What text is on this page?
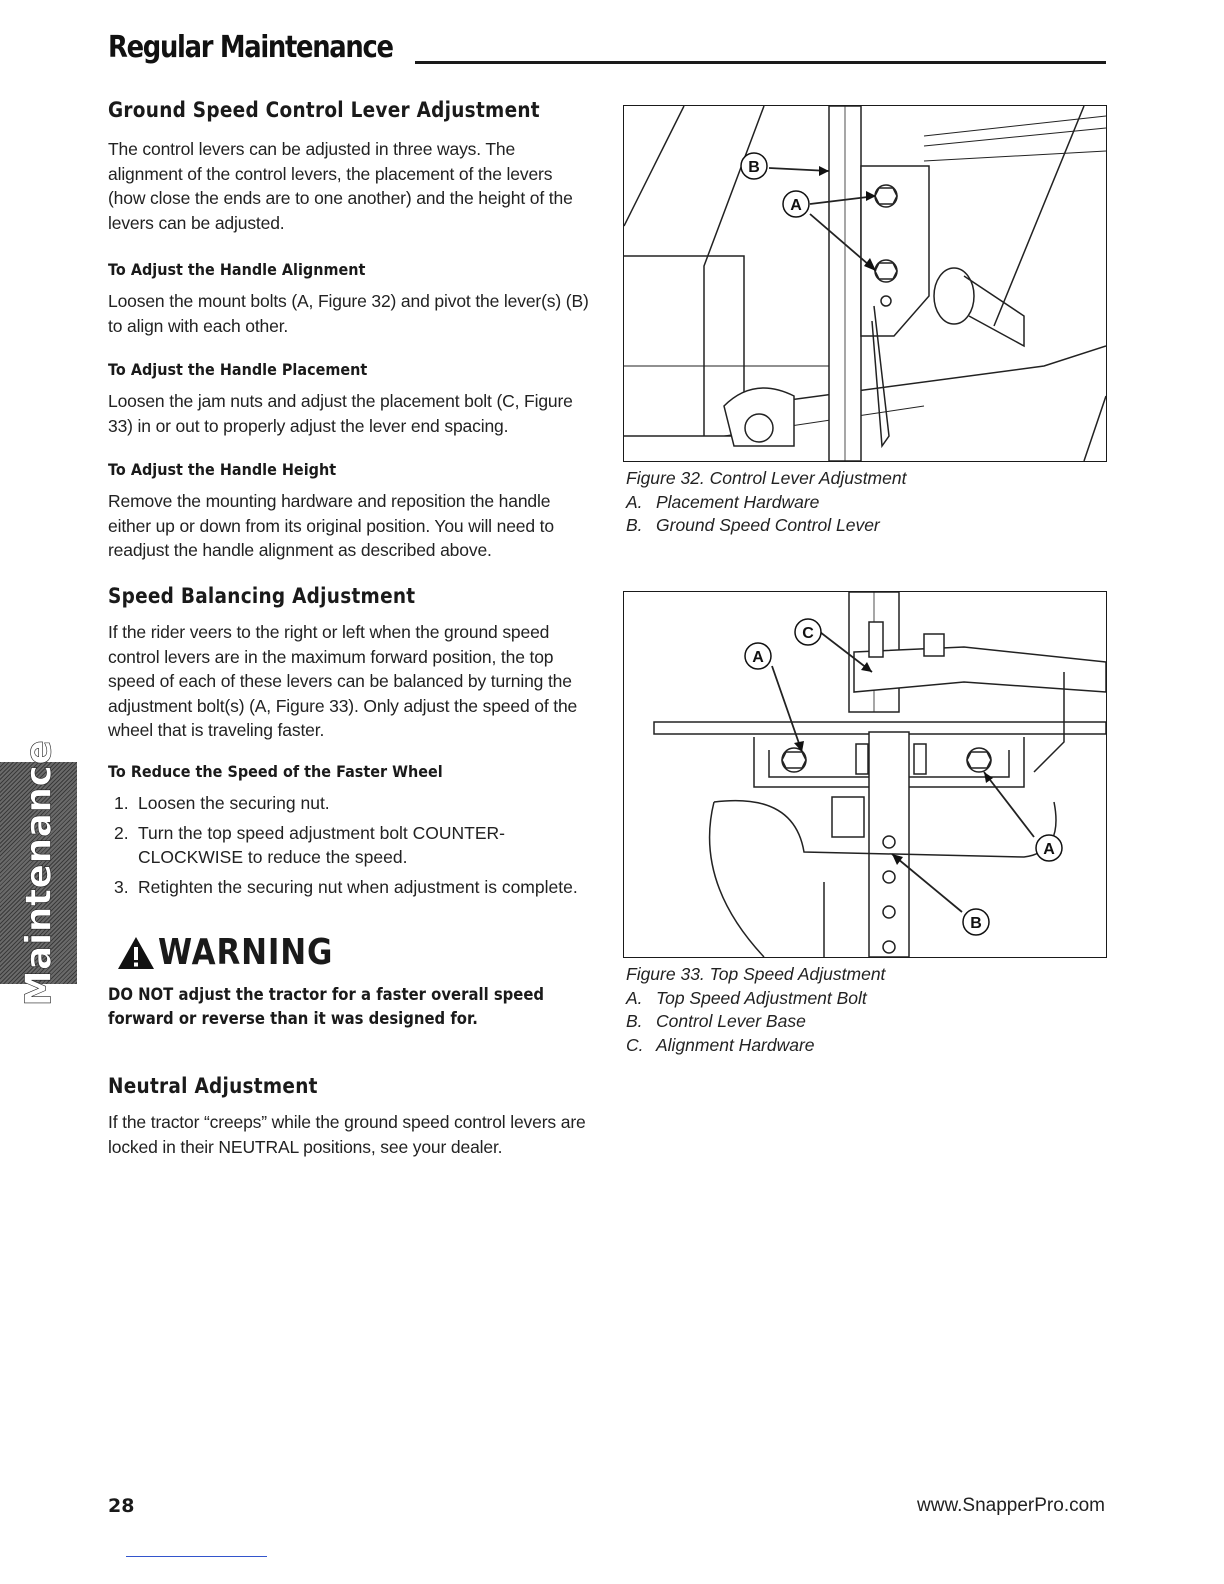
Regular Maintenance
Ground Speed Control Lever Adjustment

The control levers can be adjusted in three ways. The alignment of the control levers, the placement of the levers (how close the ends are to one another) and the height of the levers can be adjusted.

To Adjust the Handle Alignment

Loosen the mount bolts (A, Figure 32) and pivot the lever(s) (B) to align with each other.

To Adjust the Handle Placement

Loosen the jam nuts and adjust the placement bolt (C, Figure 33) in or out to properly adjust the lever end spacing.

To Adjust the Handle Height

Remove the mounting hardware and reposition the handle either up or down from its original position. You will need to readjust the handle alignment as described above.

Speed Balancing Adjustment

If the rider veers to the right or left when the ground speed control levers are in the maximum forward position, the top speed of each of these levers can be balanced by turning the adjustment bolt(s) (A, Figure 33). Only adjust the speed of the wheel that is traveling faster.

To Reduce the Speed of the Faster Wheel
1. Loosen the securing nut.
2. Turn the top speed adjustment bolt COUNTER-CLOCKWISE to reduce the speed.
3. Retighten the securing nut when adjustment is complete.
WARNING
DO NOT adjust the tractor for a faster overall speed forward or reverse than it was designed for.
Neutral Adjustment

If the tractor “creeps” while the ground speed control levers are locked in their NEUTRAL positions, see your dealer.

B
A
Figure 32. Control Lever Adjustment
A. Placement Hardware
B. Ground Speed Control Lever
C
A
A
B
Figure 33. Top Speed Adjustment
A. Top Speed Adjustment Bolt
B. Control Lever Base
C. Alignment Hardware
Maintenance
28	www.SnapperPro.com
